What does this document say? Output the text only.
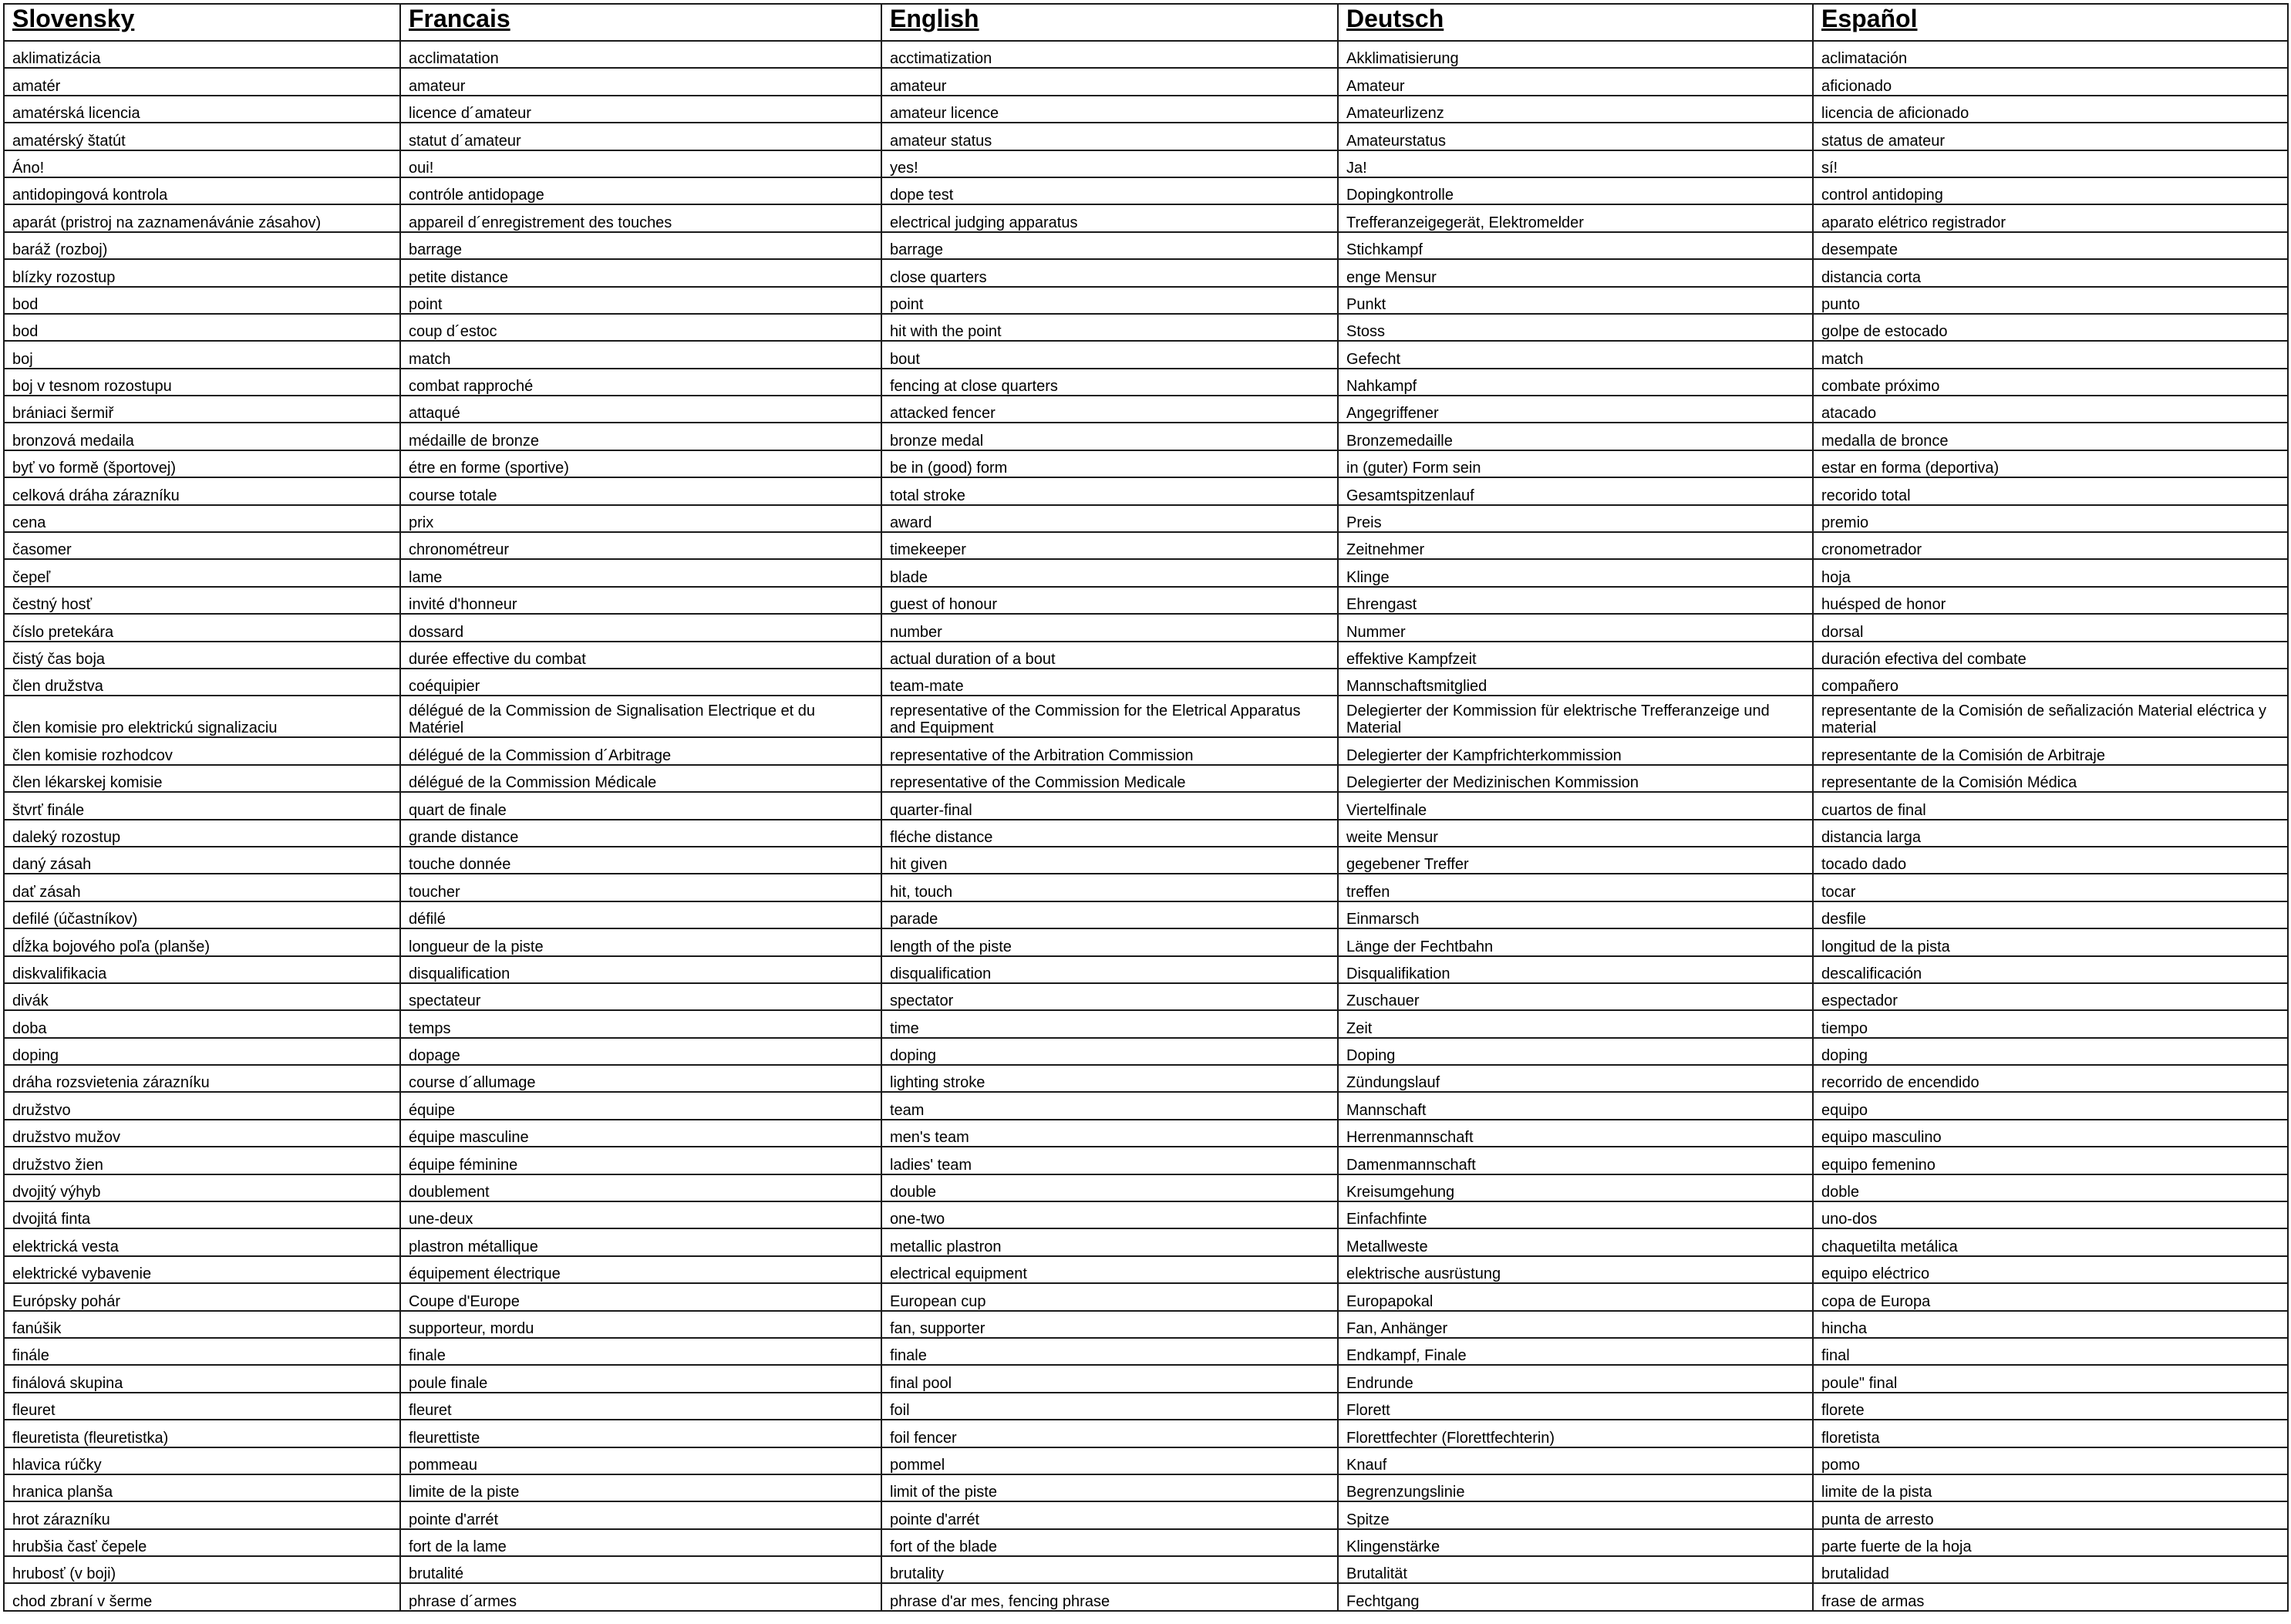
Slovensky	Francais	English	Deutsch	Español
aklimatizácia	acclimatation	acctimatization	Akklimatisierung	aclimatación
amatér	amateur	amateur	Amateur	aficionado
amatérská licencia	licence d´amateur	amateur licence	Amateurlizenz	licencia de aficionado
amatérský štatút	statut d´amateur	amateur status	Amateurstatus	status de amateur
Áno!	oui!	yes!	Ja!	sí!
antidopingová kontrola	contróle antidopage	dope test	Dopingkontrolle	control antidoping
aparát (pristroj na zaznamenávánie zásahov)	appareil d´enregistrement des touches	electrical judging apparatus	Trefferanzeigegerät, Elektromelder	aparato elétrico registrador
baráž (rozboj)	barrage	barrage	Stichkampf	desempate
blízky rozostup	petite distance	close quarters	enge Mensur	distancia corta
bod	point	point	Punkt	punto
bod	coup d´estoc	hit with the point	Stoss	golpe de estocado
boj	match	bout	Gefecht	match
boj v tesnom rozostupu	combat rapproché	fencing at close quarters	Nahkampf	combate próximo
brániaci šermiř	attaqué	attacked fencer	Angegriffener	atacado
bronzová medaila	médaille de bronze	bronze medal	Bronzemedaille	medalla de bronce
byť vo formě (športovej)	étre en forme (sportive)	be in (good) form	in (guter) Form sein	estar en forma (deportiva)
celková dráha zárazníku	course totale	total stroke	Gesamtspitzenlauf	recorido total
cena	prix	award	Preis	premio
časomer	chronométreur	timekeeper	Zeitnehmer	cronometrador
čepeľ	lame	blade	Klinge	hoja
čestný hosť	invité d'honneur	guest of honour	Ehrengast	huésped de honor
číslo pretekára	dossard	number	Nummer	dorsal
čistý čas boja	durée effective du combat	actual duration of a bout	effektive Kampfzeit	duración efectiva del combate
člen družstva	coéquipier	team-mate	Mannschaftsmitglied	compañero
člen komisie pro elektrickú signalizaciu	délégué de la Commission de Signalisation Electrique et du Matériel	representative of the Commission for the Eletrical Apparatus and Equipment	Delegierter der Kommission für elektrische Trefferanzeige und Material	representante de la Comisión de señalización Material eléctrica y material
člen komisie rozhodcov	délégué de la Commission d´Arbitrage	representative of the Arbitration Commission	Delegierter der Kampfrichterkommission	representante de la Comisión de Arbitraje
člen lékarskej komisie	délégué de la Commission Médicale	representative of the Commission Medicale	Delegierter der Medizinischen Kommission	representante de la Comisión Médica
štvrť finále	quart de finale	quarter-final	Viertelfinale	cuartos de final
daleký rozostup	grande distance	fléche distance	weite Mensur	distancia larga
daný zásah	touche donnée	hit given	gegebener Treffer	tocado dado
dať zásah	toucher	hit, touch	treffen	tocar
defilé (účastníkov)	défilé	parade	Einmarsch	desfile
dĺžka bojového poľa (planše)	longueur de la piste	length of the piste	Länge der Fechtbahn	longitud de la pista
diskvalifikacia	disqualification	disqualification	Disqualifikation	descalificación
divák	spectateur	spectator	Zuschauer	espectador
doba	temps	time	Zeit	tiempo
doping	dopage	doping	Doping	doping
dráha rozsvietenia zárazníku	course d´allumage	lighting stroke	Zündungslauf	recorrido de encendido
družstvo	équipe	team	Mannschaft	equipo
družstvo mužov	équipe masculine	men's team	Herrenmannschaft	equipo masculino
družstvo žien	équipe féminine	ladies' team	Damenmannschaft	equipo femenino
dvojitý výhyb	doublement	double	Kreisumgehung	doble
dvojitá finta	une-deux	one-two	Einfachfinte	uno-dos
elektrická vesta	plastron métallique	metallic plastron	Metallweste	chaquetilta metálica
elektrické vybavenie	équipement électrique	electrical equipment	elektrische ausrüstung	equipo eléctrico
Európsky pohár	Coupe d'Europe	European cup	Europapokal	copa de Europa
fanúšik	supporteur, mordu	fan, supporter	Fan, Anhänger	hincha
finále	finale	finale	Endkampf, Finale	final
finálová skupina	poule finale	final pool	Endrunde	poule" final
fleuret	fleuret	foil	Florett	florete
fleuretista (fleuretistka)	fleurettiste	foil fencer	Florettfechter (Florettfechterin)	floretista
hlavica rúčky	pommeau	pommel	Knauf	pomo
hranica planša	limite de la piste	limit of the piste	Begrenzungslinie	limite de la pista
hrot zárazníku	pointe d'arrét	pointe d'arrét	Spitze	punta de arresto
hrubšia časť čepele	fort de la lame	fort of the blade	Klingenstärke	parte fuerte de la hoja
hrubosť (v boji)	brutalité	brutality	Brutalität	brutalidad
chod zbraní v šerme	phrase d´armes	phrase d'ar mes, fencing phrase	Fechtgang	frase de armas
